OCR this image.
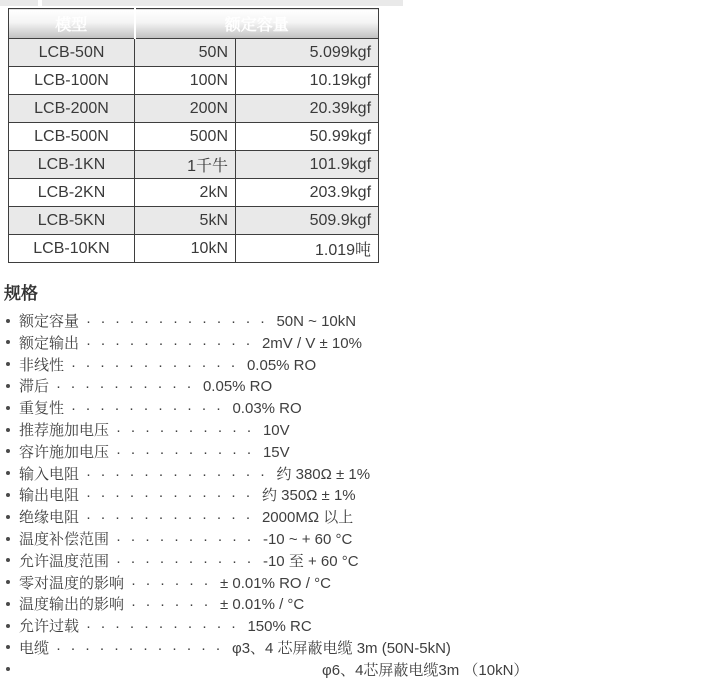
模型	额定容量	
LCB-50N	50N	5.099kgf
LCB-100N	100N	10.19kgf
LCB-200N	200N	20.39kgf
LCB-500N	500N	50.99kgf
LCB-1KN	1千牛	101.9kgf
LCB-2KN	2kN	203.9kgf
LCB-5KN	5kN	509.9kgf
LCB-10KN	10kN	1.019吨
规格
额定容量 ············· 50N ~ 10kN
额定输出 ············ 2mV / V ± 10%
非线性 ············ 0.05% RO
滞后 ·········· 0.05% RO
重复性 ··········· 0.03% RO
推荐施加电压 ·········· 10V
容许施加电压 ·········· 15V
输入电阻 ············· 约 380Ω ± 1%
输出电阻 ············ 约 350Ω ± 1%
绝缘电阻 ············ 2000MΩ 以上
温度补偿范围 ·········· -10 ~ + 60 °C
允许温度范围 ·········· -10 至 + 60 °C
零对温度的影响 ······ ± 0.01% RO / °C
温度输出的影响 ······ ± 0.01% / °C
允许过载 ··········· 150% RC
电缆 ············ φ3、4 芯屏蔽电缆 3m (50N-5kN)
φ6、4芯屏蔽电缆3m （10kN）
